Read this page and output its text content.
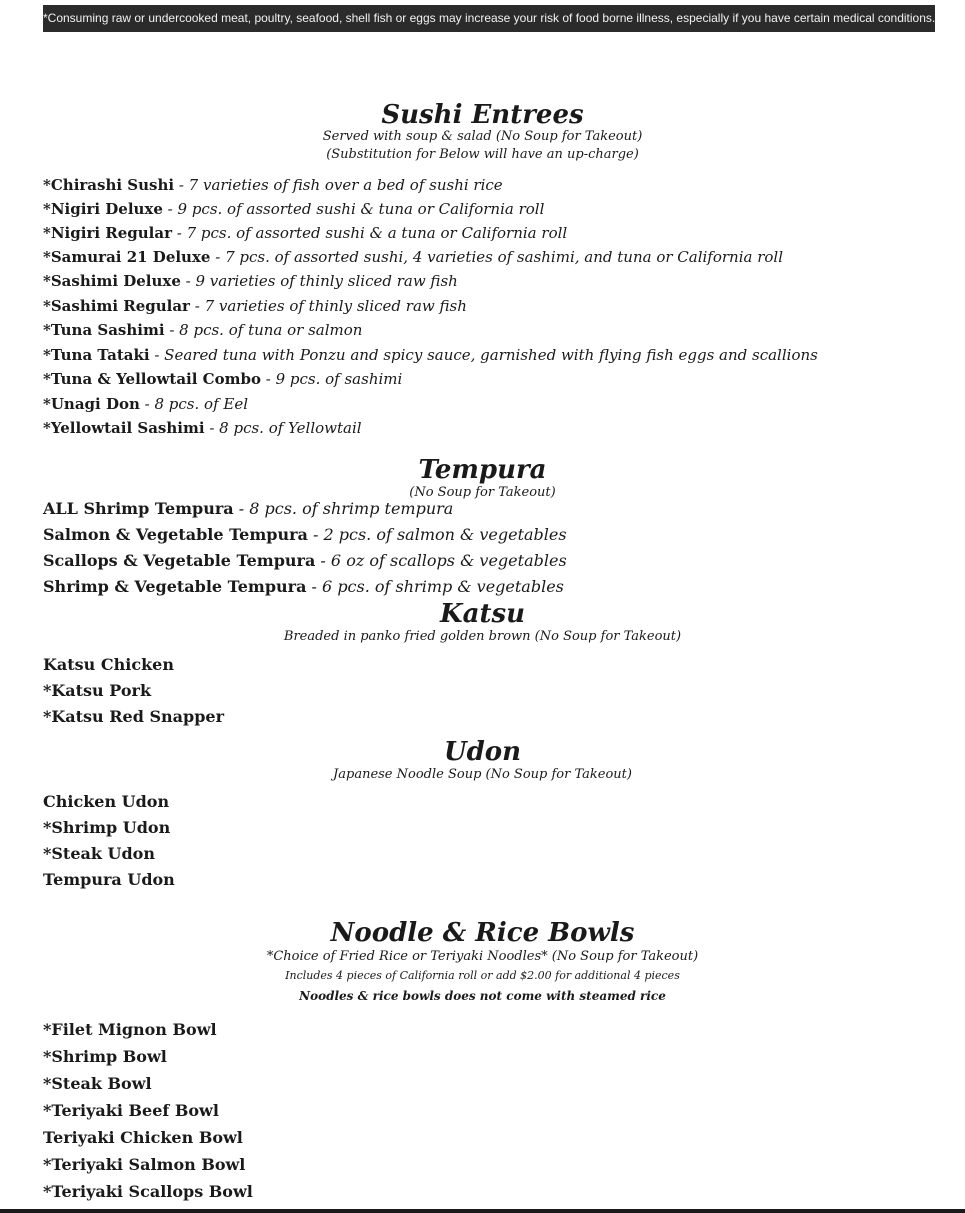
*Consuming raw or undercooked meat, poultry, seafood, shell fish or eggs may increase your risk of food borne illness, especially if you have certain medical conditions.
Sushi Entrees
Served with soup & salad (No Soup for Takeout)
(Substitution for Below will have an up-charge)
*Chirashi Sushi - 7 varieties of fish over a bed of sushi rice
*Nigiri Deluxe - 9 pcs. of assorted sushi & tuna or California roll
*Nigiri Regular - 7 pcs. of assorted sushi & a tuna or California roll
*Samurai 21 Deluxe - 7 pcs. of assorted sushi, 4 varieties of sashimi, and tuna or California roll
*Sashimi Deluxe - 9 varieties of thinly sliced raw fish
*Sashimi Regular - 7 varieties of thinly sliced raw fish
*Tuna Sashimi - 8 pcs. of tuna or salmon
*Tuna Tataki - Seared tuna with Ponzu and spicy sauce, garnished with flying fish eggs and scallions
*Tuna & Yellowtail Combo - 9 pcs. of sashimi
*Unagi Don - 8 pcs. of Eel
*Yellowtail Sashimi - 8 pcs. of Yellowtail
Tempura
(No Soup for Takeout)
ALL Shrimp Tempura - 8 pcs. of shrimp tempura
Salmon & Vegetable Tempura - 2 pcs. of salmon & vegetables
Scallops & Vegetable Tempura - 6 oz of scallops & vegetables
Shrimp & Vegetable Tempura - 6 pcs. of shrimp & vegetables
Katsu
Breaded in panko fried golden brown (No Soup for Takeout)
Katsu Chicken
*Katsu Pork
*Katsu Red Snapper
Udon
Japanese Noodle Soup (No Soup for Takeout)
Chicken Udon
*Shrimp Udon
*Steak Udon
Tempura Udon
Noodle & Rice Bowls
*Choice of Fried Rice or Teriyaki Noodles* (No Soup for Takeout)
Includes 4 pieces of California roll or add $2.00 for additional 4 pieces
Noodles & rice bowls does not come with steamed rice
*Filet Mignon Bowl
*Shrimp Bowl
*Steak Bowl
*Teriyaki Beef Bowl
Teriyaki Chicken Bowl
*Teriyaki Salmon Bowl
*Teriyaki Scallops Bowl
